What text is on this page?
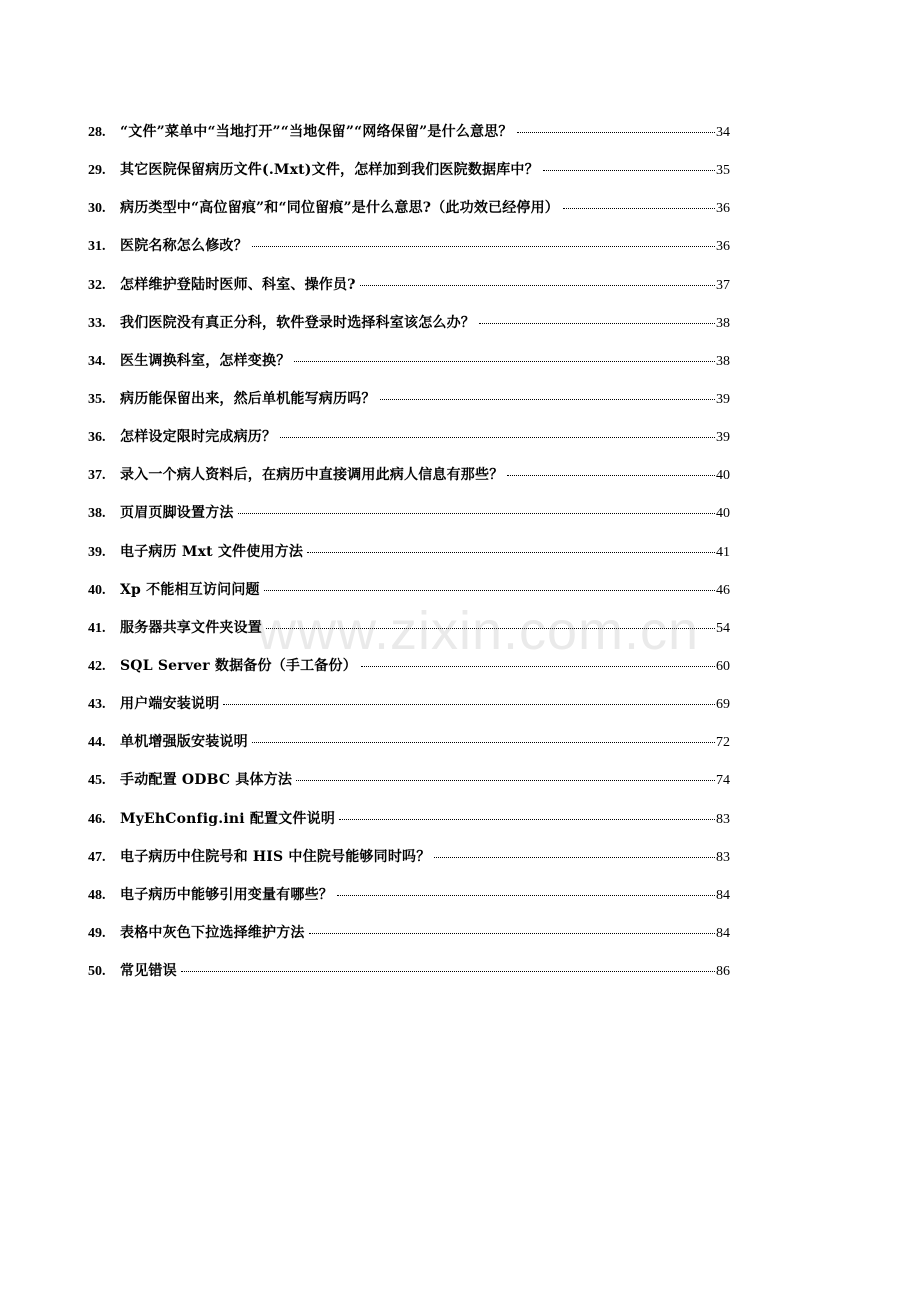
28.	“文件”菜单中“当地打开”“当地保留”“网络保留”是什么意思？	34
29.	其它医院保留病历文件(.Mxt)文件，怎样加到我们医院数据库中？	35
30.	病历类型中“高位留痕”和“同位留痕”是什么意思?（此功效已经停用）	36
31.	医院名称怎么修改？	36
32.	怎样维护登陆时医师、科室、操作员?	37
33.	我们医院没有真正分科，软件登录时选择科室该怎么办？	38
34.	医生调换科室，怎样变换？	38
35.	病历能保留出来，然后单机能写病历吗？	39
36.	怎样设定限时完成病历？	39
37.	录入一个病人资料后，在病历中直接调用此病人信息有那些？	40
38.	页眉页脚设置方法	40
39.	电子病历 Mxt 文件使用方法	41
40.	Xp 不能相互访问问题	46
41.	服务器共享文件夹设置	54
42.	SQL Server 数据备份（手工备份）	60
43.	用户端安装说明	69
44.	单机增强版安装说明	72
45.	手动配置 ODBC 具体方法	74
46.	MyEhConfig.ini 配置文件说明	83
47.	电子病历中住院号和 HIS 中住院号能够同时吗？	83
48.	电子病历中能够引用变量有哪些？	84
49.	表格中灰色下拉选择维护方法	84
50.	常见错误	86
www.zixin.com.cn
